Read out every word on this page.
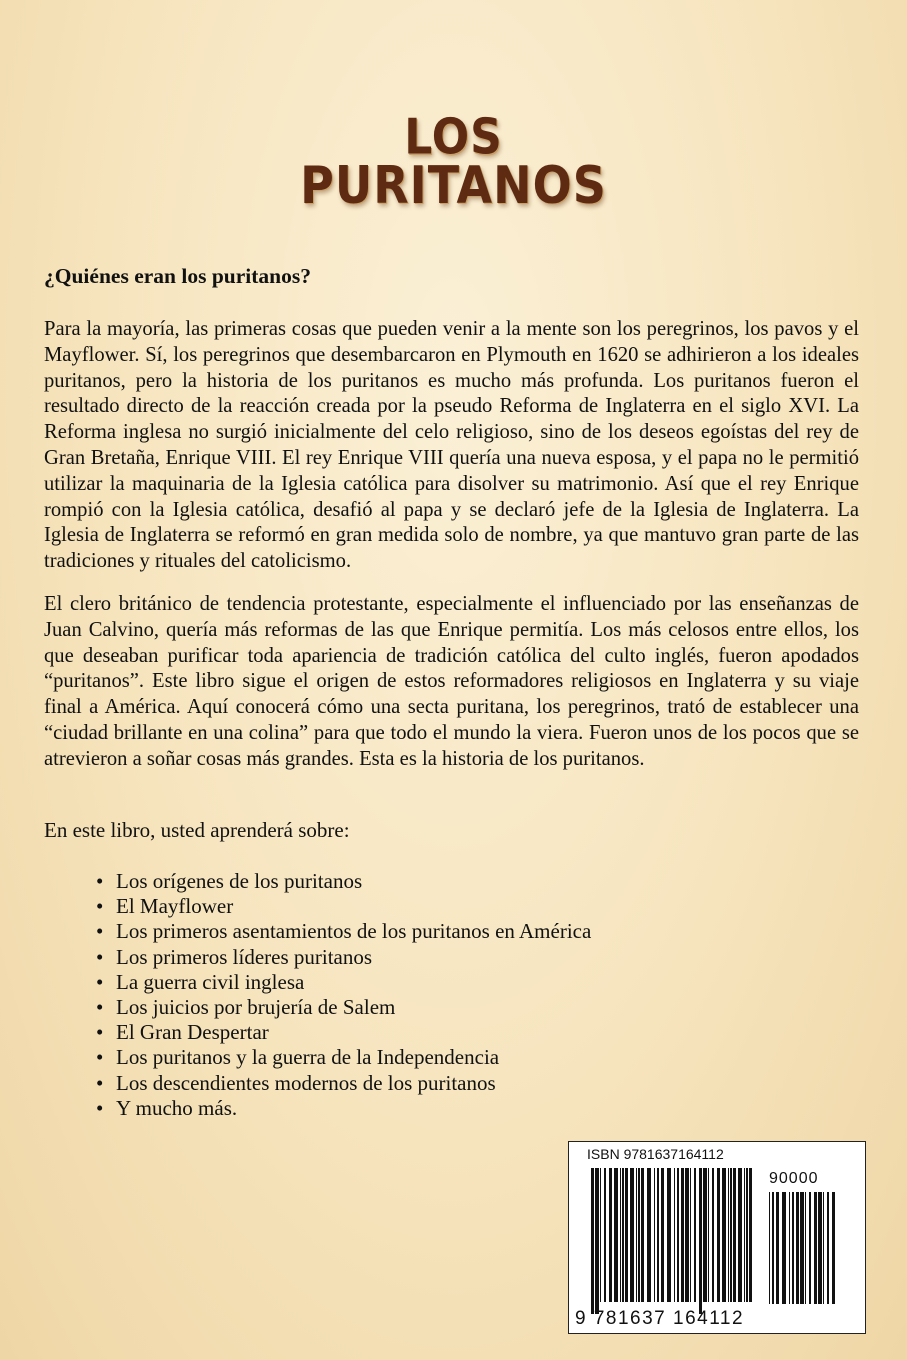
LOS
PURITANOS
¿Quiénes eran los puritanos?

Para la mayoría, las primeras cosas que pueden venir a la mente son los peregrinos, los pavos y el Mayflower. Sí, los peregrinos que desembarcaron en Plymouth en 1620 se adhirieron a los ideales puritanos, pero la historia de los puritanos es mucho más profunda. Los puritanos fueron el resultado directo de la reacción creada por la pseudo Reforma de Inglaterra en el siglo XVI. La Reforma inglesa no surgió inicialmente del celo religioso, sino de los deseos egoístas del rey de Gran Bretaña, Enrique VIII. El rey Enrique VIII quería una nueva esposa, y el papa no le permitió utilizar la maquinaria de la Iglesia católica para disolver su matrimonio. Así que el rey Enrique rompió con la Iglesia católica, desafió al papa y se declaró jefe de la Iglesia de Inglaterra. La Iglesia de Inglaterra se reformó en gran medida solo de nombre, ya que mantuvo gran parte de las tradiciones y rituales del catolicismo.

El clero británico de tendencia protestante, especialmente el influenciado por las enseñanzas de Juan Calvino, quería más reformas de las que Enrique permitía. Los más celosos entre ellos, los que deseaban purificar toda apariencia de tradición católica del culto inglés, fueron apodados “puritanos”. Este libro sigue el origen de estos reformadores religiosos en Inglaterra y su viaje final a América. Aquí conocerá cómo una secta puritana, los peregrinos, trató de establecer una “ciudad brillante en una colina” para que todo el mundo la viera. Fueron unos de los pocos que se atrevieron a soñar cosas más grandes. Esta es la historia de los puritanos.

En este libro, usted aprenderá sobre:

• Los orígenes de los puritanos
• El Mayflower
• Los primeros asentamientos de los puritanos en América
• Los primeros líderes puritanos
• La guerra civil inglesa
• Los juicios por brujería de Salem
• El Gran Despertar
• Los puritanos y la guerra de la Independencia
• Los descendientes modernos de los puritanos
• Y mucho más.
ISBN 9781637164112
90000
9 781637 164112
